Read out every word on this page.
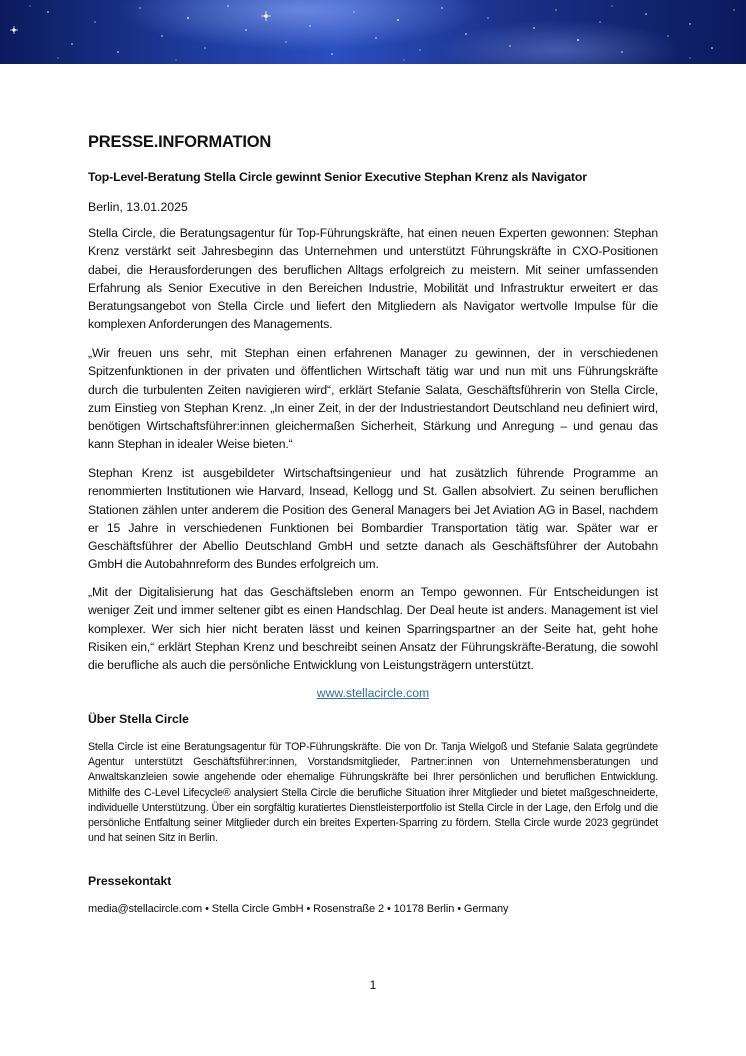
PRESSE.INFORMATION
Top-Level-Beratung Stella Circle gewinnt Senior Executive Stephan Krenz als Navigator
Berlin, 13.01.2025

Stella Circle, die Beratungsagentur für Top-Führungskräfte, hat einen neuen Experten gewonnen: Stephan Krenz verstärkt seit Jahresbeginn das Unternehmen und unterstützt Führungskräfte in CXO-Positionen dabei, die Herausforderungen des beruflichen Alltags erfolgreich zu meistern. Mit seiner umfassenden Erfahrung als Senior Executive in den Bereichen Industrie, Mobilität und Infrastruktur erweitert er das Beratungsangebot von Stella Circle und liefert den Mitgliedern als Navigator wertvolle Impulse für die komplexen Anforderungen des Managements.

„Wir freuen uns sehr, mit Stephan einen erfahrenen Manager zu gewinnen, der in verschiedenen Spitzenfunktionen in der privaten und öffentlichen Wirtschaft tätig war und nun mit uns Führungskräfte durch die turbulenten Zeiten navigieren wird“, erklärt Stefanie Salata, Geschäftsführerin von Stella Circle, zum Einstieg von Stephan Krenz. „In einer Zeit, in der der Industriestandort Deutschland neu definiert wird, benötigen Wirtschaftsführer:innen gleichermaßen Sicherheit, Stärkung und Anregung – und genau das kann Stephan in idealer Weise bieten.“

Stephan Krenz ist ausgebildeter Wirtschaftsingenieur und hat zusätzlich führende Programme an renommierten Institutionen wie Harvard, Insead, Kellogg und St. Gallen absolviert. Zu seinen beruflichen Stationen zählen unter anderem die Position des General Managers bei Jet Aviation AG in Basel, nachdem er 15 Jahre in verschiedenen Funktionen bei Bombardier Transportation tätig war. Später war er Geschäftsführer der Abellio Deutschland GmbH und setzte danach als Geschäftsführer der Autobahn GmbH die Autobahnreform des Bundes erfolgreich um.

„Mit der Digitalisierung hat das Geschäftsleben enorm an Tempo gewonnen. Für Entscheidungen ist weniger Zeit und immer seltener gibt es einen Handschlag. Der Deal heute ist anders. Management ist viel komplexer. Wer sich hier nicht beraten lässt und keinen Sparringspartner an der Seite hat, geht hohe Risiken ein,“ erklärt Stephan Krenz und beschreibt seinen Ansatz der Führungskräfte-Beratung, die sowohl die berufliche als auch die persönliche Entwicklung von Leistungsträgern unterstützt.

www.stellacircle.com
Über Stella Circle

Stella Circle ist eine Beratungsagentur für TOP-Führungskräfte. Die von Dr. Tanja Wielgoß und Stefanie Salata gegründete Agentur unterstützt Geschäftsführer:innen, Vorstandsmitglieder, Partner:innen von Unternehmensberatungen und Anwaltskanzleien sowie angehende oder ehemalige Führungskräfte bei Ihrer persönlichen und beruflichen Entwicklung. Mithilfe des C-Level Lifecycle® analysiert Stella Circle die berufliche Situation ihrer Mitglieder und bietet maßgeschneiderte, individuelle Unterstützung. Über ein sorgfältig kuratiertes Dienstleisterportfolio ist Stella Circle in der Lage, den Erfolg und die persönliche Entfaltung seiner Mitglieder durch ein breites Experten-Sparring zu fördern. Stella Circle wurde 2023 gegründet und hat seinen Sitz in Berlin.

Pressekontakt
media@stellacircle.com • Stella Circle GmbH • Rosenstraße 2 • 10178 Berlin • Germany
1
